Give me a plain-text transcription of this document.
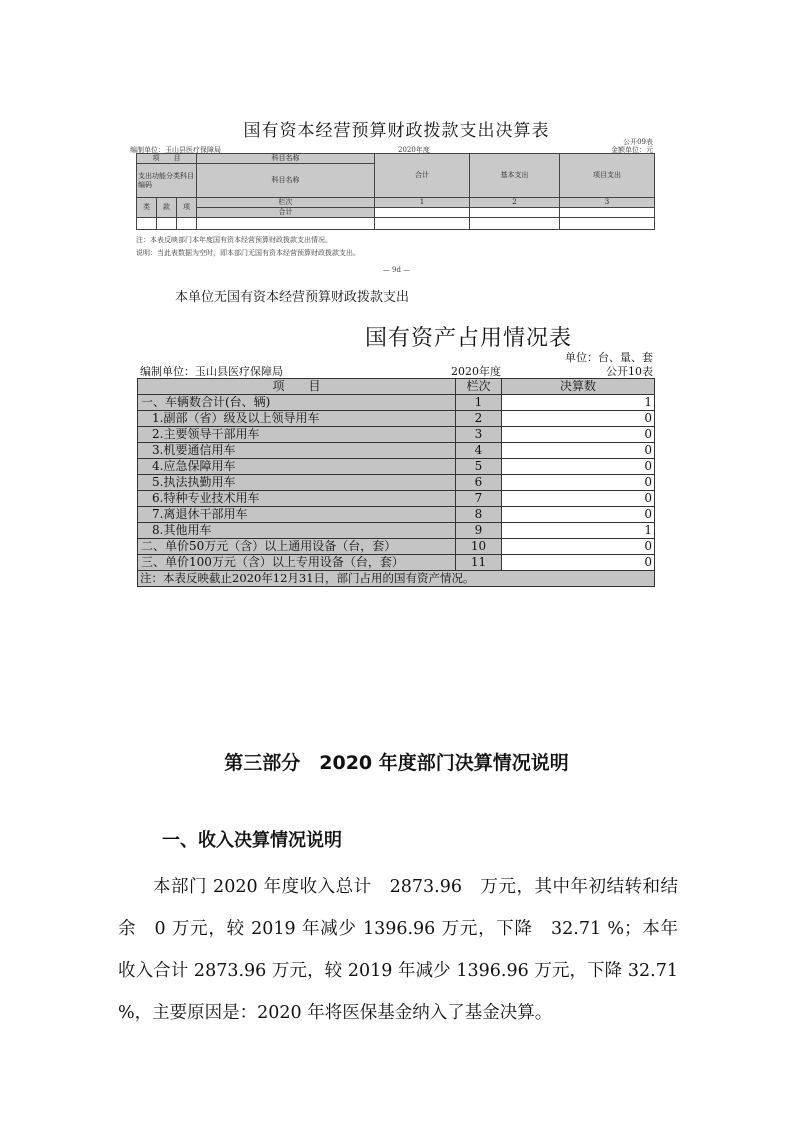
国有资本经营预算财政拨款支出决算表
公开09表
编制单位：玉山县医疗保障局	2020年度	金额单位：元
项　　目			科目名称	合计	基本支出	项目支出
支出功能分类科目编码			科目名称			
类	款	项	栏次	1	2	3
			合计			

注：本表反映部门本年度国有资本经营预算财政拨款支出情况。
说明：当此表数据为空时，即本部门无国有资本经营预算财政拨款支出。
— 9d —
本单位无国有资本经营预算财政拨款支出
国有资产占用情况表
单位：台、量、套
编制单位：玉山县医疗保障局	2020年度	公开10表
项　　目	栏次	决算数
一、车辆数合计(台、辆)	1	1
1.副部（省）级及以上领导用车	2	0
2.主要领导干部用车	3	0
3.机要通信用车	4	0
4.应急保障用车	5	0
5.执法执勤用车	6	0
6.特种专业技术用车	7	0
7.离退休干部用车	8	0
8.其他用车	9	1
二、单价50万元（含）以上通用设备（台，套）	10	0
三、单价100万元（含）以上专用设备（台，套）	11	0
注：本表反映截止2020年12月31日，部门占用的国有资产情况。		
第三部分　2020 年度部门决算情况说明
一、收入决算情况说明

本部门 2020 年度收入总计　2873.96　万元，其中年初结转和结余　0 万元，较 2019 年减少 1396.96 万元，下降　32.71 %；本年收入合计 2873.96 万元，较 2019 年减少 1396.96 万元，下降 32.71 %，主要原因是：2020 年将医保基金纳入了基金决算。
